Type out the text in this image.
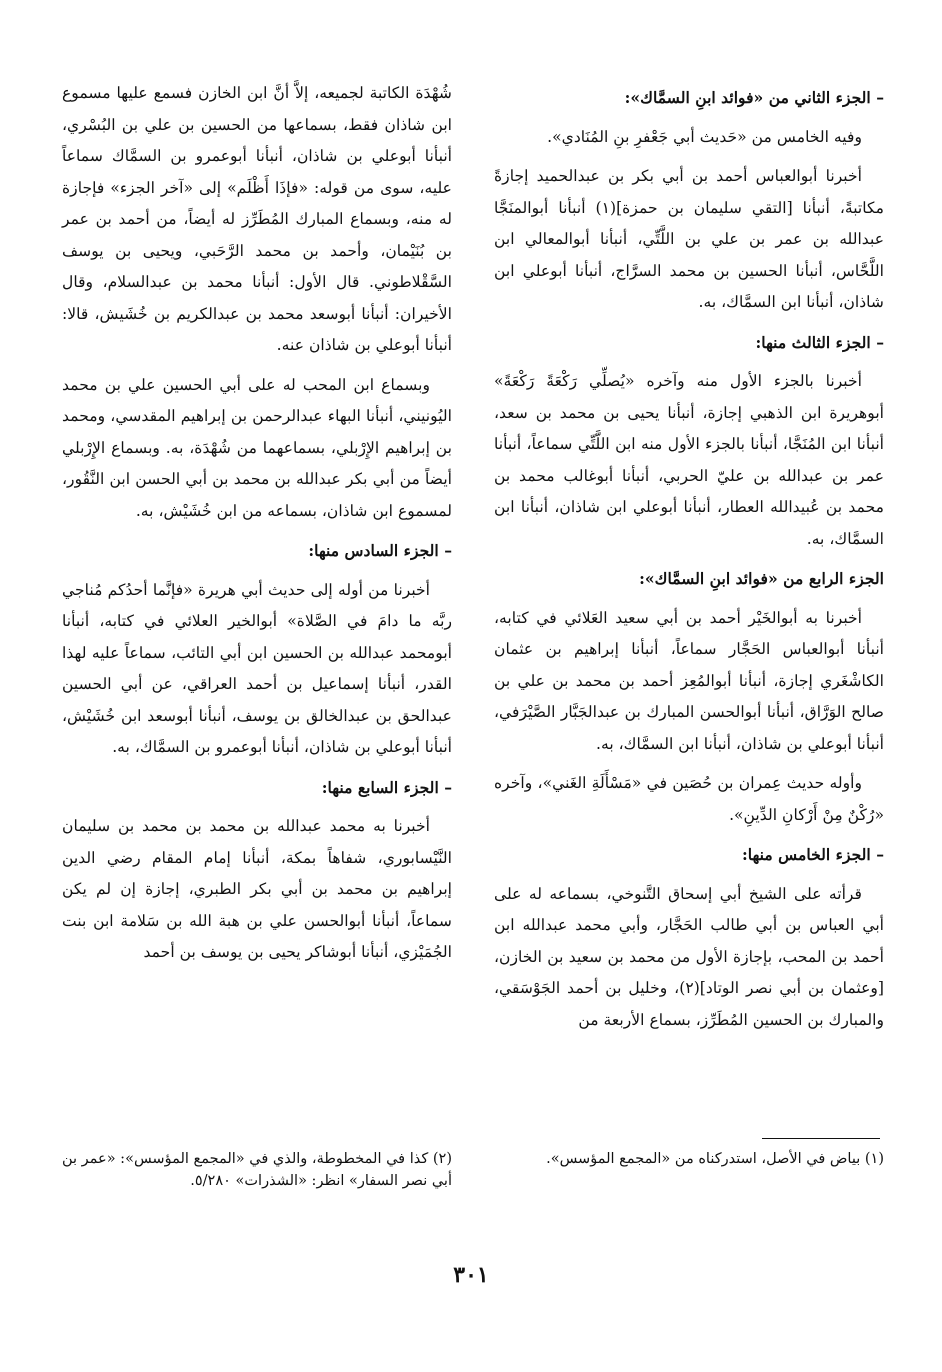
– الجزء الثاني من «فوائد ابنِ السمَّاك»:

وفيه الخامس من «حَديث أبي جَعْفرِ بنِ المُنَادي».

أخبرنا أبوالعباس أحمد بن أبي بكر بن عبدالحميد إجازةً مكاتبةً، أنبأنا [التقي سليمان بن حمزة](١) أنبأنا أبوالمنَجَّا عبدالله بن عمر بن علي بن اللَّتِّي، أنبأنا أبوالمعالي ابن اللَّحَّاس، أنبأنا الحسين بن محمد السرَّاج، أنبأنا أبوعلي ابن شاذان، أنبأنا ابن السمَّاك، به.

– الجزء الثالث منها:

أخبرنا بالجزء الأول منه وآخره «يُصلِّي رَكْعَةً رَكْعَةً» أبوهريرة ابن الذهبي إجازة، أنبأنا يحيى بن محمد بن سعد، أنبأنا ابن المُنَجَّا، أنبأنا بالجزء الأول منه ابن اللَّتِّي سماعاً، أنبأنا عمر بن عبدالله بن عليّ الحربي، أنبأنا أبوغالب محمد بن محمد بن عُبيدالله العطار، أنبأنا أبوعلي ابن شاذان، أنبأنا ابن السمَّاك، به.

الجزء الرابع من «فوائد ابنِ السمَّاك»:

أخبرنا به أبوالخَيْر أحمد بن أبي سعيد العَلائي في كتابه، أنبأنا أبوالعباس الحَجَّار سماعاً، أنبأنا إبراهيم بن عثمان الكاشْغَري إجازة، أنبأنا أبوالمُعِز أحمد بن محمد بن علي بن صالح الوَرَّاق، أنبأنا أبوالحسن المبارك بن عبدالجَبَّار الصَّيْرَفي، أنبأنا أبوعلي بن شاذان، أنبأنا ابن السمَّاك، به.

وأوله حديث عِمران بن حُصَين في «مَسْأَلَةِ الغَني»، وآخره «رُكْنٌ مِنْ أَرْكانِ الدِّينِ».

– الجزء الخامس منها:

قرأته على الشيخ أبي إسحاق التَّنوخي، بسماعه له على أبي العباس بن أبي طالب الحَجَّار، وأبي محمد عبدالله ابن أحمد بن المحب، بإجازة الأول من محمد بن سعيد بن الخازن، [وعثمان بن أبي نصر الوتاد](٢)، وخليل بن أحمد الجَوْسَقي، والمبارك بن الحسين المُطَرِّز، بسماع الأربعة من

شُهْدَة الكاتبة لجميعه، إلاَّ أنَّ ابن الخازن فسمع عليها مسموع ابن شاذان فقط، بسماعها من الحسين بن علي بن البُسْري، أنبأنا أبوعلي بن شاذان، أنبأنا أبوعمرو بن السمَّاك سماعاً عليه، سوى من قوله: «فإذَا أَظْلَم» إلى «آخر الجزء» فإجازة له منه، وبسماع المبارك المُطَرِّز له أيضاً، من أحمد بن عمر بن بُنَيْمان، وأحمد بن محمد الرَّحَبي، ويحيى بن يوسف السَّقْلاطوني. قال الأول: أنبأنا محمد بن عبدالسلام، وقال الأخيران: أنبأنا أبوسعد محمد بن عبدالكريم بن خُشَيش، قالا: أنبأنا أبوعلي بن شاذان عنه.

وبسماع ابن المحب له على أبي الحسين علي بن محمد اليُونيني، أنبأنا البهاء عبدالرحمن بن إبراهيم المقدسي، ومحمد بن إبراهيم الإِرْبلي، بسماعهما من شُهْدَة، به. وبسماع الإِرْبلي أيضاً من أبي بكر عبدالله بن محمد بن أبي الحسن ابن النَّقُور، لمسموع ابن شاذان، بسماعه من ابن خُشَيْش، به.

– الجزء السادس منها:

أخبرنا من أوله إلى حديث أبي هريرة «فإنَّما أحدُكم مُناجي ربَّه ما دامَ في الصَّلاة» أبوالخير العلائي في كتابه، أنبأنا أبومحمد عبدالله بن الحسين ابن أبي التائب، سماعاً عليه لهذا القدر، أنبأنا إسماعيل بن أحمد العراقي، عن أبي الحسين عبدالحق بن عبدالخالق بن يوسف، أنبأنا أبوسعد ابن خُشَيْش، أنبأنا أبوعلي بن شاذان، أنبأنا أبوعمرو بن السمَّاك، به.

– الجزء السابع منها:

أخبرنا به محمد عبدالله بن محمد بن محمد بن سليمان النَّيْسابوري، شفاهاً بمكة، أنبأنا إمام المقام رضي الدين إبراهيم بن محمد بن أبي بكر الطبري، إجازة إن لم يكن سماعاً، أنبأنا أبوالحسن علي بن هبة الله بن سَلامة ابن بنت الجُمَيْزي، أنبأنا أبوشاكر يحيى بن يوسف بن أحمد

(١) بياض في الأصل، استدركناه من «المجمع المؤسس».

(٢) كذا في المخطوطة، والذي في «المجمع المؤسس»: «عمر بن أبي نصر السفار» انظر: «الشذرات» ٥/٢٨٠.

٣٠١
